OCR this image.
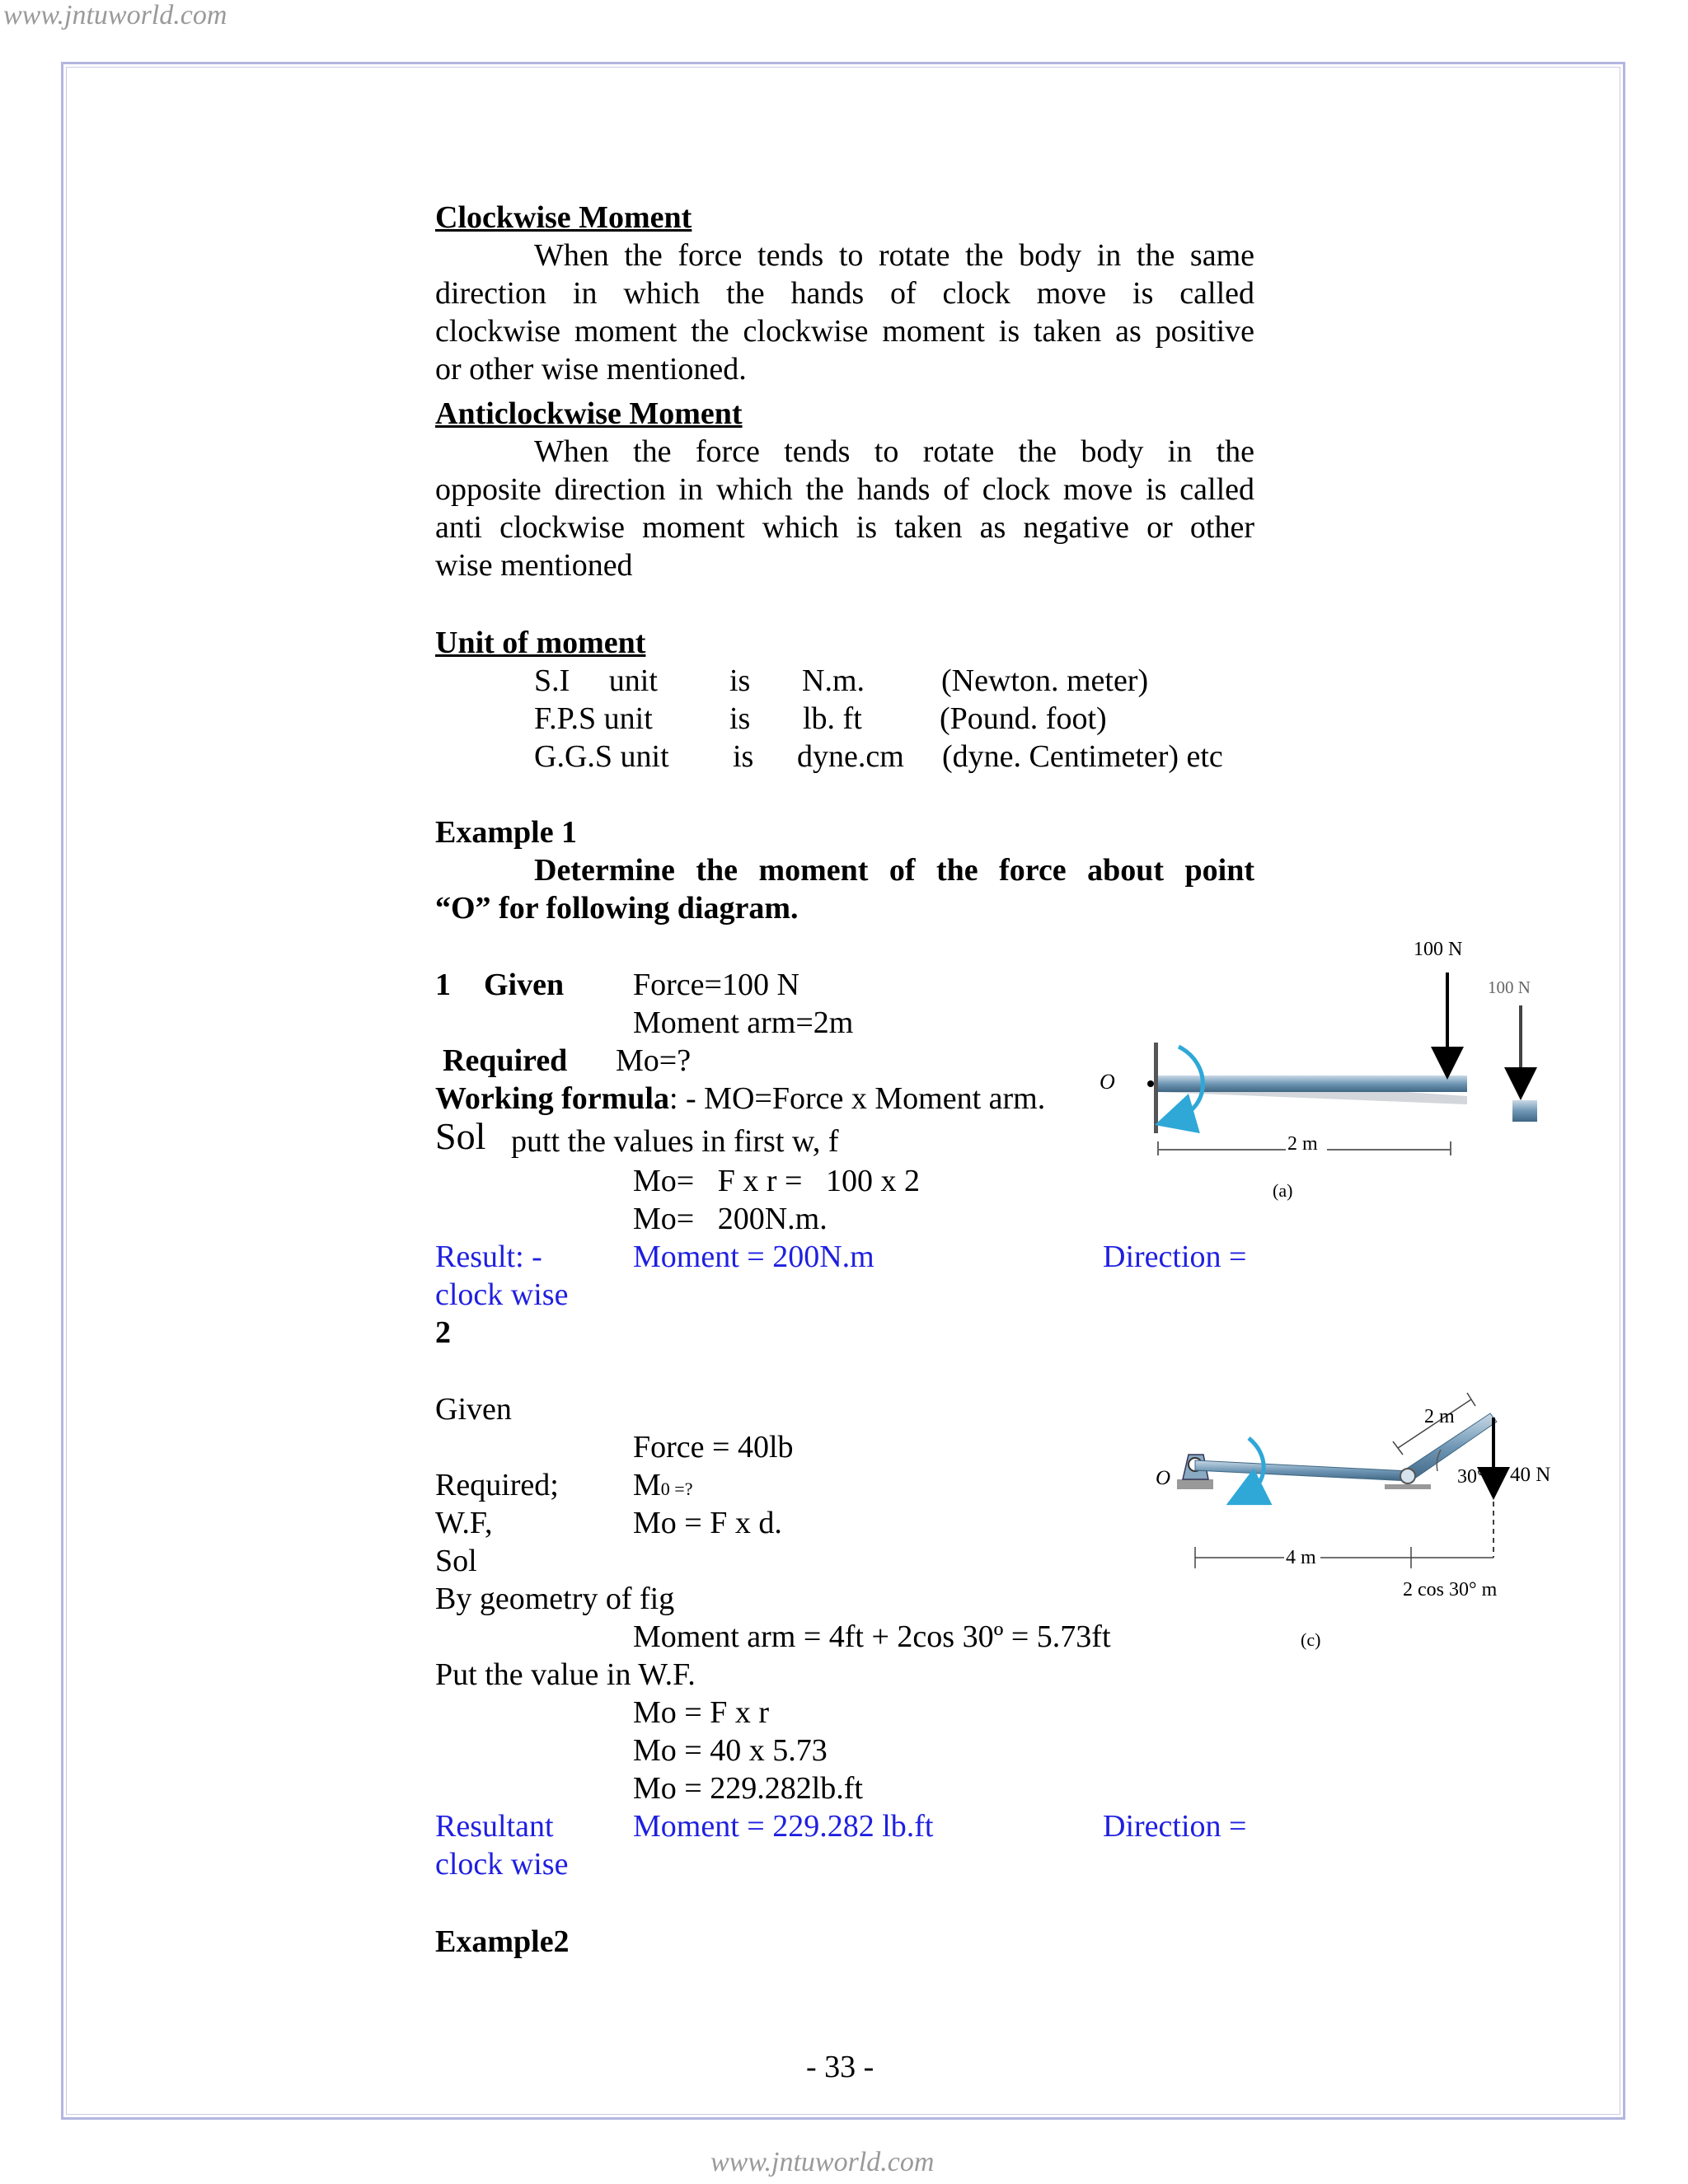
www.jntuworld.com
Clockwise Moment
When the force tends to rotate the body in the same
direction in which the hands of clock move is called
clockwise moment the clockwise moment is taken as positive
or other wise mentioned.
Anticlockwise Moment
When the force tends to rotate the body in the
opposite direction in which the hands of clock move is called
anti clockwise moment which is taken as negative or other
wise mentioned
Unit of moment
S.I     unit is N.m. (Newton. meter)
F.P.S unit is lb. ft (Pound. foot)
G.G.S unit is dyne.cm (dyne. Centimeter) etc
Example 1
Determine the moment of the force about point
“O” for following diagram.
1 Given Force=100 N
Moment arm=2m
Required Mo=?
Working formula: - MO=Force x Moment arm.
Sol putt the values in first w, f
Mo=   F x r =   100 x 2
Mo=   200N.m.
Result: -	Moment = 200N.m	Direction =
clock wise
100 N
100 N
O
2 m
(a)
2
Given
Force = 40lb
Required; M0 =?
W.F,	Mo = F x d.
Sol
By geometry of fig
Moment arm = 4ft + 2cos 30º = 5.73ft
Put the value in W.F.
Mo = F x r
Mo = 40 x 5.73
Mo = 229.282lb.ft
Resultant	Moment = 229.282 lb.ft	Direction =
clock wise
2 m
30° 40 N
O
4 m
2 cos 30° m
(c)
Example2
- 33 -
www.jntuworld.com
